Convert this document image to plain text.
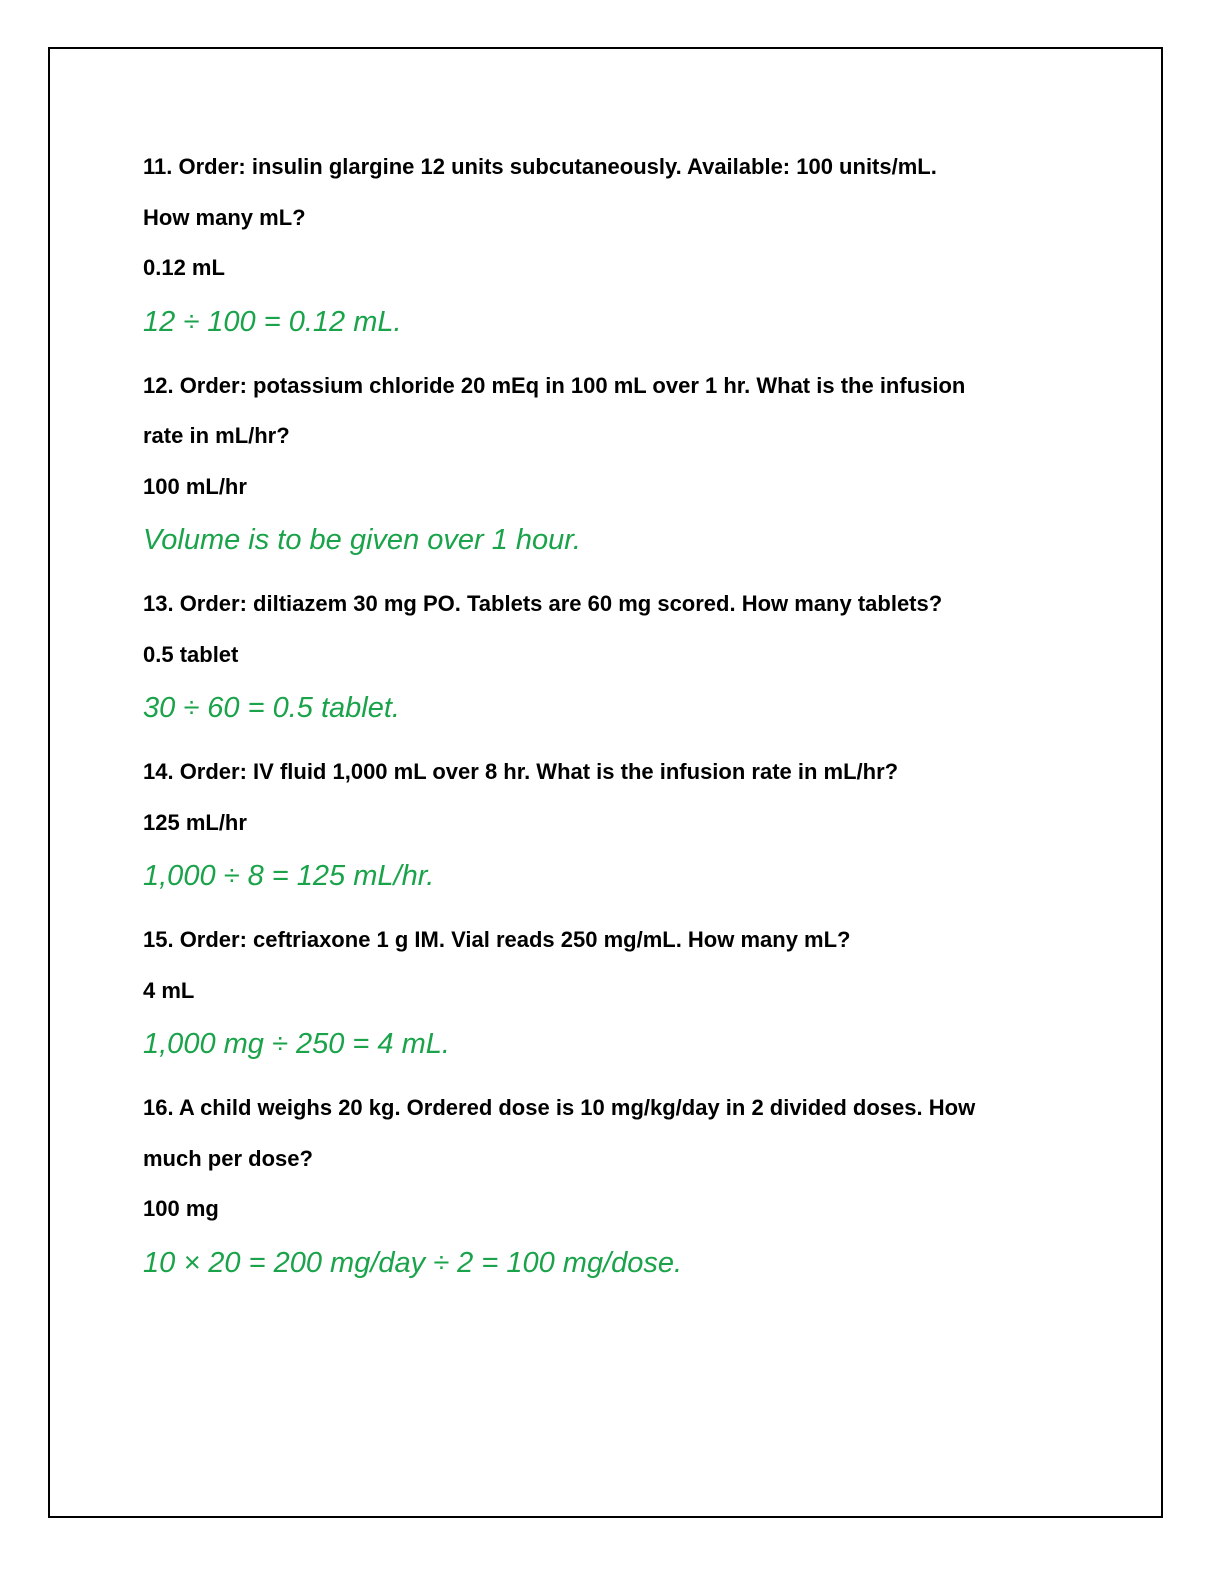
11. Order: insulin glargine 12 units subcutaneously. Available: 100 units/mL.

How many mL?

0.12 mL

12 ÷ 100 = 0.12 mL.

12. Order: potassium chloride 20 mEq in 100 mL over 1 hr. What is the infusion

rate in mL/hr?

100 mL/hr

Volume is to be given over 1 hour.

13. Order: diltiazem 30 mg PO. Tablets are 60 mg scored. How many tablets?

0.5 tablet

30 ÷ 60 = 0.5 tablet.

14. Order: IV fluid 1,000 mL over 8 hr. What is the infusion rate in mL/hr?

125 mL/hr

1,000 ÷ 8 = 125 mL/hr.

15. Order: ceftriaxone 1 g IM. Vial reads 250 mg/mL. How many mL?

4 mL

1,000 mg ÷ 250 = 4 mL.

16. A child weighs 20 kg. Ordered dose is 10 mg/kg/day in 2 divided doses. How

much per dose?

100 mg

10 × 20 = 200 mg/day ÷ 2 = 100 mg/dose.
